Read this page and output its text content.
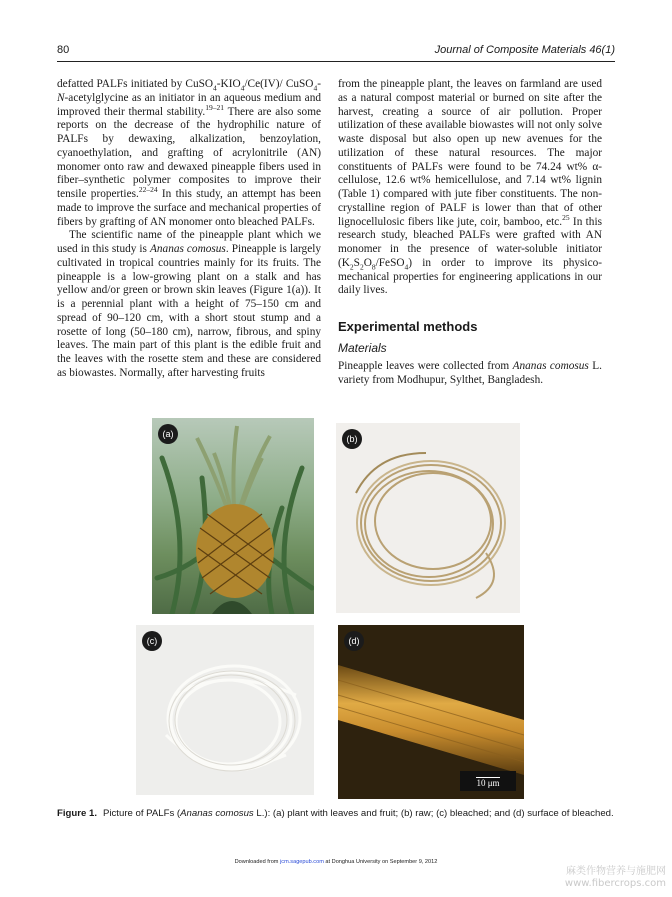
80	Journal of Composite Materials 46(1)

defatted PALFs initiated by $CuSO_4-KIO_4/Ce(IV)/$ CuSO$_4$-N-acetylglycine as an initiator in an aqueous medium and improved their thermal stability.$^{19-21}$ There are also some reports on the decrease of the hydrophilic nature of PALFs by dewaxing, alkalization, benzoylation, cyanoethylation, and grafting of acrylonitrile (AN) monomer onto raw and dewaxed pineapple fibers used in fiber–synthetic polymer composites to improve their tensile properties.$^{22-24}$ In this study, an attempt has been made to improve the surface and mechanical properties of fibers by grafting of AN monomer onto bleached PALFs.

The scientific name of the pineapple plant which we used in this study is Ananas comosus. Pineapple is largely cultivated in tropical countries mainly for its fruits. The pineapple is a low-growing plant on a stalk and has yellow and/or green or brown skin leaves (Figure 1(a)). It is a perennial plant with a height of 75–150 cm and spread of 90–120 cm, with a short stout stump and a rosette of long (50–180 cm), narrow, fibrous, and spiny leaves. The main part of this plant is the edible fruit and the leaves with the rosette stem and these are considered as biowastes. Normally, after harvesting fruits

from the pineapple plant, the leaves on farmland are used as a natural compost material or burned on site after the harvest, creating a source of air pollution. Proper utilization of these available biowastes will not only solve waste disposal but also open up new avenues for the utilization of these natural resources. The major constituents of PALFs were found to be 74.24 wt% α-cellulose, 12.6 wt% hemicellulose, and 7.14 wt% lignin (Table 1) compared with jute fiber constituents. The non-crystalline region of PALF is lower than that of other lignocellulosic fibers like jute, coir, bamboo, etc.$^{25}$ In this research study, bleached PALFs were grafted with AN monomer in the presence of water-soluble initiator $(K_2S_2O_8/FeSO_4)$ in order to improve its physico-mechanical properties for engineering applications in our daily lives.

Experimental methods
Materials

Pineapple leaves were collected from Ananas comosus L. variety from Modhupur, Sylthet, Bangladesh.

(a)	(b)
(c)	(d)
10 μm
Figure 1. Picture of PALFs (Ananas comosus L.): (a) plant with leaves and fruit; (b) raw; (c) bleached; and (d) surface of bleached.
Downloaded from jcm.sagepub.com at Donghua University on September 9, 2012
麻类作物营养与施肥网
www.fibercrops.com
